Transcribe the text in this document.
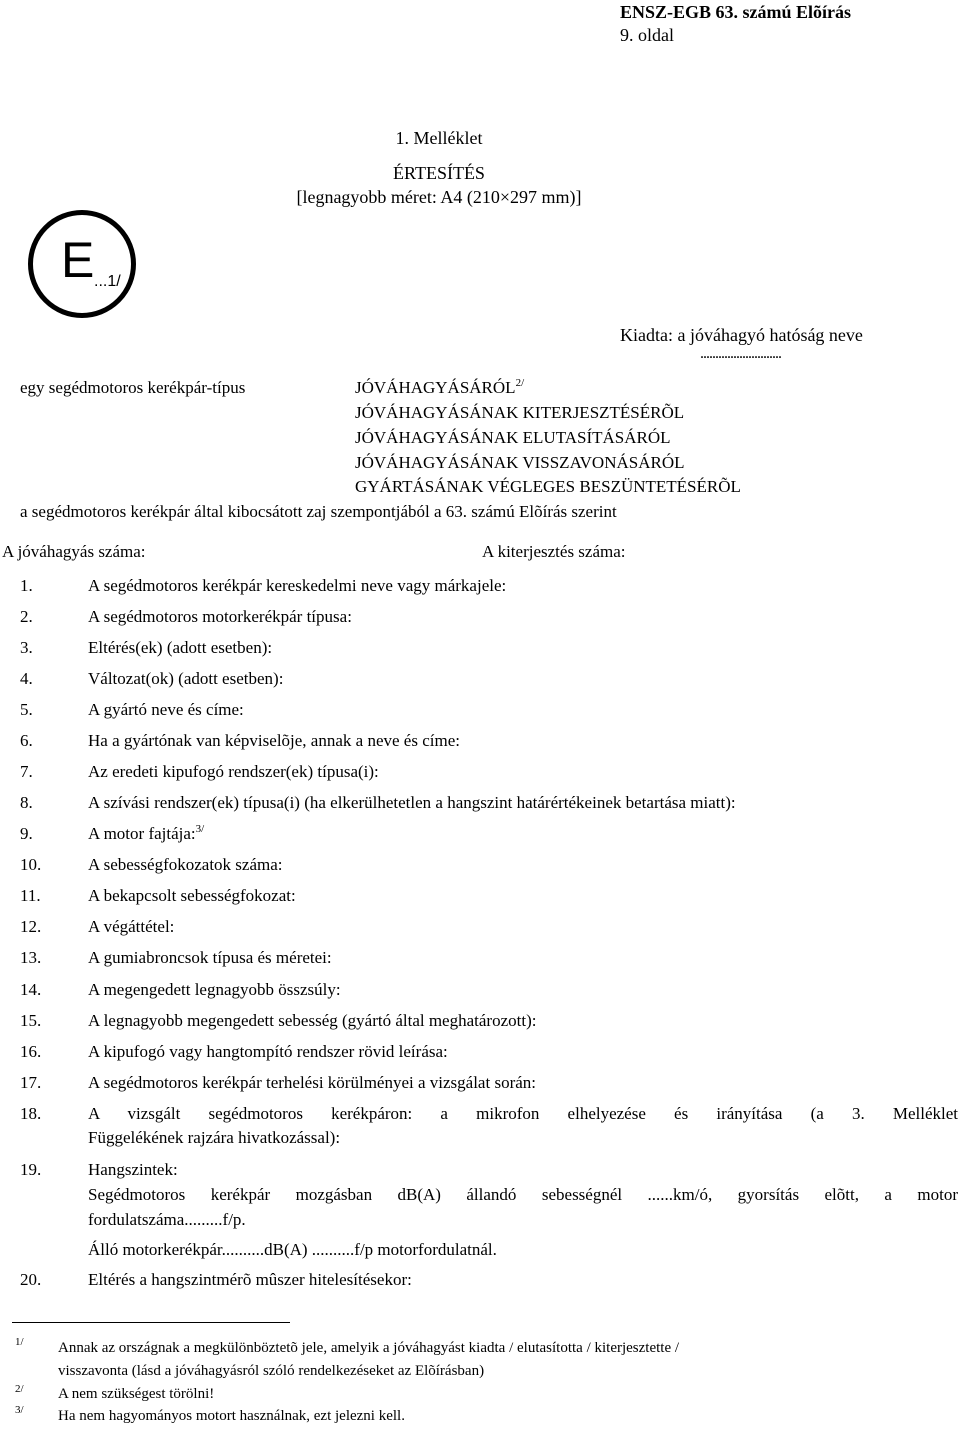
ENSZ-EGB 63. számú Elõírás
9. oldal
1. Melléklet
ÉRTESÍTÉS
[legnagyobb méret: A4 (210×297 mm)]
E ...1/
Kiadta: a jóváhagyó hatóság neve
...........................
egy segédmotoros kerékpár-típus	$JÓVÁHAGYÁSÁRÓL^{2/}$
JÓVÁHAGYÁSÁNAK KITERJESZTÉSÉRÕL
JÓVÁHAGYÁSÁNAK ELUTASÍTÁSÁRÓL
JÓVÁHAGYÁSÁNAK VISSZAVONÁSÁRÓL
GYÁRTÁSÁNAK VÉGLEGES BESZÜNTETÉSÉRÕL
a segédmotoros kerékpár által kibocsátott zaj szempontjából a 63. számú Elõírás szerint
A jóváhagyás száma:	A kiterjesztés száma:
1.	A segédmotoros kerékpár kereskedelmi neve vagy márkajele:
2.	A segédmotoros motorkerékpár típusa:
3.	Eltérés(ek) (adott esetben):
4.	Változat(ok) (adott esetben):
5.	A gyártó neve és címe:
6.	Ha a gyártónak van képviselõje, annak a neve és címe:
7.	Az eredeti kipufogó rendszer(ek) típusa(i):
8.	A szívási rendszer(ek) típusa(i) (ha elkerülhetetlen a hangszint határértékeinek betartása miatt):
9.	A motor fajtája:$^{3/}$
10.	A sebességfokozatok száma:
11.	A bekapcsolt sebességfokozat:
12.	A végáttétel:
13.	A gumiabroncsok típusa és méretei:
14.	A megengedett legnagyobb összsúly:
15.	A legnagyobb megengedett sebesség (gyártó által meghatározott):
16.	A kipufogó vagy hangtompító rendszer rövid leírása:
17.	A segédmotoros kerékpár terhelési körülményei a vizsgálat során:
18.	A vizsgált segédmotoros kerékpáron: a mikrofon elhelyezése és irányítása (a 3. Melléklet
Függelékének rajzára hivatkozással):
19.	Hangszintek:
Segédmotoros kerékpár mozgásban dB(A) állandó sebességnél ......km/ó, gyorsítás elõtt, a motor
fordulatszáma.........f/p.
Álló motorkerékpár..........dB(A) ..........f/p motorfordulatnál.
20.	Eltérés a hangszintmérõ mûszer hitelesítésekor:
1/ Annak az országnak a megkülönböztetõ jele, amelyik a jóváhagyást kiadta / elutasította / kiterjesztette /
visszavonta (lásd a jóváhagyásról szóló rendelkezéseket az Elõírásban)
2/ A nem szükségest törölni!
3/ Ha nem hagyományos motort használnak, ezt jelezni kell.
